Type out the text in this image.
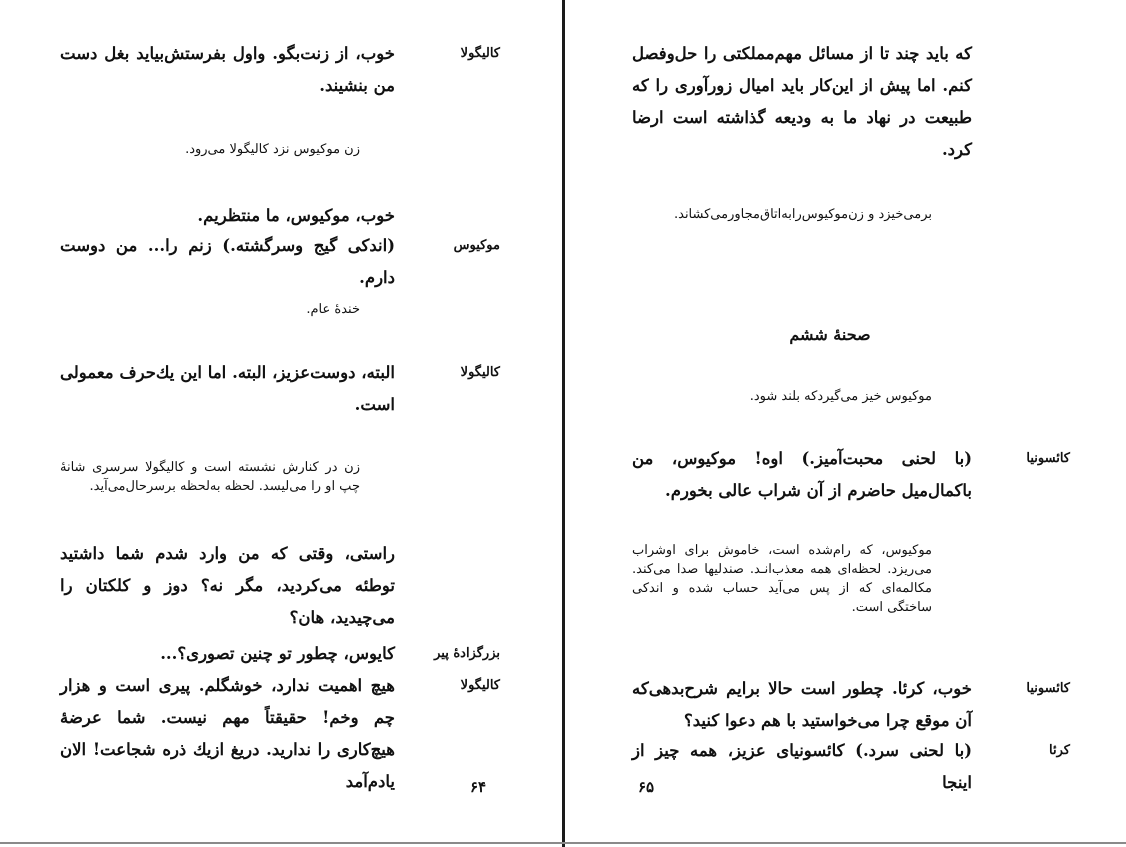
کالیگولا
خوب، از زنت‌بگو. واول بفرستش‌بیاید بغل دست من بنشیند.
زن موکیوس نزد کالیگولا می‌رود.
خوب، موکیوس، ما منتظریم.
موکیوس
(اندکی گیج وسرگشته.) زنم را... من دوست دارم.
خندهٔ عام.
کالیگولا
البته، دوست‌عزیز، البته. اما این یك‌حرف معمولی است.
زن در کنارش نشسته است و کالیگولا سرسری شانهٔ چپ او را می‌لیسد. لحظه به‌لحظه برسرحال‌می‌آید.
راستی، وقتی که من وارد شدم شما داشتید توطئه می‌کردید، مگر نه؟ دوز و کلکتان را می‌چیدید، هان؟
بزرگزادهٔ پیر
کایوس، چطور تو چنین تصوری؟...
کالیگولا
هیچ اهمیت ندارد، خوشگلم. پیری است و هزار چم وخم! حقیقتاً مهم نیست. شما عرضهٔ هیچ‌کاری را ندارید. دریغ ازیك ذره شجاعت! الان یادم‌آمد	۶۴
که باید چند تا از مسائل مهم‌مملکتی را حل‌وفصل کنم. اما پیش از این‌کار باید امیال زورآوری را که طبیعت در نهاد ما به ودیعه گذاشته است ارضا کرد.
برمی‌خیزد و زن‌موکیوس‌رابه‌اتاق‌مجاورمی‌کشاند.
صحنهٔ ششم
موکیوس خیز می‌گیردکه بلند شود.
کائسونیا
(با لحنی محبت‌آمیز.) اوه! موکیوس، من باکمال‌میل حاضرم از آن شراب عالی بخورم.
موکیوس، که رام‌شده است، خاموش برای اوشراب می‌ریزد. لحظه‌ای همه معذب‌انـد. صندلیها صدا می‌کند. مکالمه‌ای که از پس می‌آید حساب شده و اندکی ساختگی است.
کائسونیا
خوب، کرئا. چطور است حالا برایم شرح‌بدهی‌که آن موقع چرا می‌خواستید با هم دعوا کنید؟
کرئا
(با لحنی سرد.) کائسونیای عزیز، همه چیز از اینجا
۶۵
